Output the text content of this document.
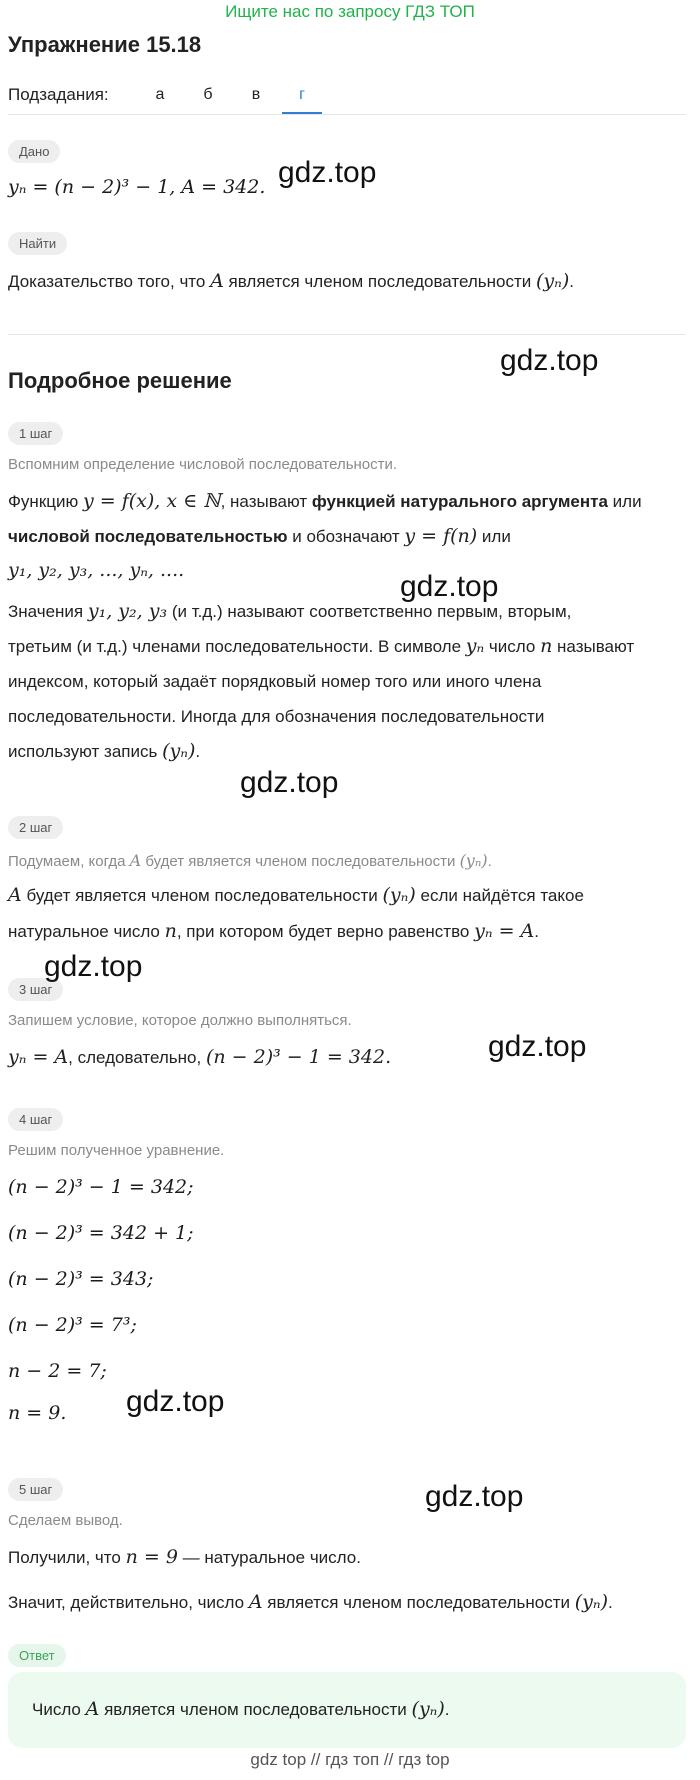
Ищите нас по запросу ГДЗ ТОП
Упражнение 15.18
Подзадания:	а	б	в	г
Дано
yₙ = (n − 2)³ − 1, A = 342.
Найти
Доказательство того, что A является членом последовательности (yₙ).
Подробное решение
1 шаг
Вспомним определение числовой последовательности.
Функцию y = f(x), x ∈ ℕ, называют функцией натурального аргумента или
числовой последовательностью и обозначают y = f(n) или
y₁, y₂, y₃, ..., yₙ, ....
Значения y₁, y₂, y₃ (и т.д.) называют соответственно первым, вторым,
третьим (и т.д.) членами последовательности. В символе yₙ число n называют
индексом, который задаёт порядковый номер того или иного члена
последовательности. Иногда для обозначения последовательности
используют запись (yₙ).
2 шаг
Подумаем, когда A будет является членом последовательности (yₙ).
A будет является членом последовательности (yₙ) если найдётся такое
натуральное число n, при котором будет верно равенство yₙ = A.
3 шаг
Запишем условие, которое должно выполняться.
yₙ = A, следовательно, (n − 2)³ − 1 = 342.
4 шаг
Решим полученное уравнение.
(n − 2)³ − 1 = 342;
(n − 2)³ = 342 + 1;
(n − 2)³ = 343;
(n − 2)³ = 7³;
n − 2 = 7;
n = 9.
5 шаг
Сделаем вывод.
Получили, что n = 9 — натуральное число.
Значит, действительно, число A является членом последовательности (yₙ).
Ответ
Число A является членом последовательности (yₙ).
gdz.top
gdz.top
gdz.top
gdz.top
gdz.top
gdz.top
gdz.top
gdz.top
gdz top // гдз топ // гдз top
